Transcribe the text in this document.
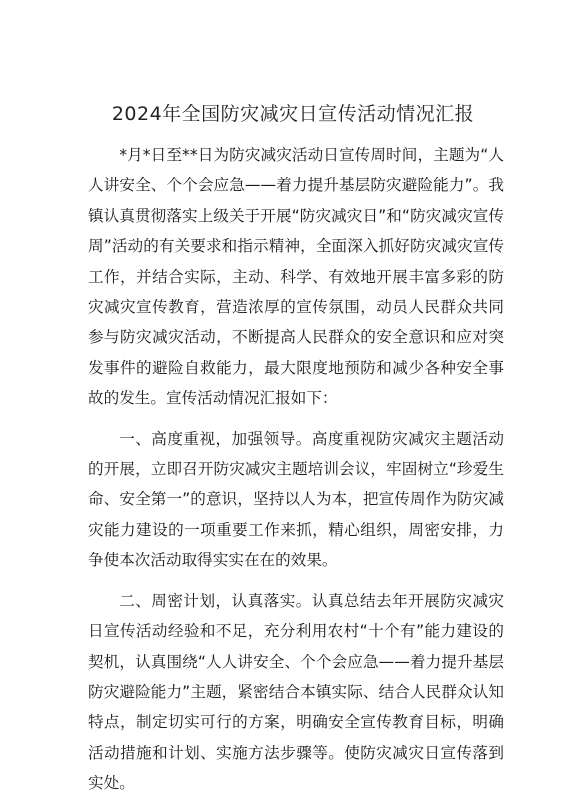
2024年全国防灾减灾日宣传活动情况汇报

*月*日至**日为防灾减灾活动日宣传周时间，主题为“人人讲安全、个个会应急——着力提升基层防灾避险能力”。我镇认真贯彻落实上级关于开展“防灾减灾日”和“防灾减灾宣传周”活动的有关要求和指示精神，全面深入抓好防灾减灾宣传工作，并结合实际，主动、科学、有效地开展丰富多彩的防灾减灾宣传教育，营造浓厚的宣传氛围，动员人民群众共同参与防灾减灾活动，不断提高人民群众的安全意识和应对突发事件的避险自救能力，最大限度地预防和减少各种安全事故的发生。宣传活动情况汇报如下：

一、高度重视，加强领导。高度重视防灾减灾主题活动的开展，立即召开防灾减灾主题培训会议，牢固树立“珍爱生命、安全第一”的意识，坚持以人为本，把宣传周作为防灾减灾能力建设的一项重要工作来抓，精心组织，周密安排，力争使本次活动取得实实在在的效果。

二、周密计划，认真落实。认真总结去年开展防灾减灾日宣传活动经验和不足，充分利用农村“十个有”能力建设的契机，认真围绕“人人讲安全、个个会应急——着力提升基层防灾避险能力”主题，紧密结合本镇实际、结合人民群众认知特点，制定切实可行的方案，明确安全宣传教育目标，明确活动措施和计划、实施方法步骤等。使防灾减灾日宣传落到实处。
